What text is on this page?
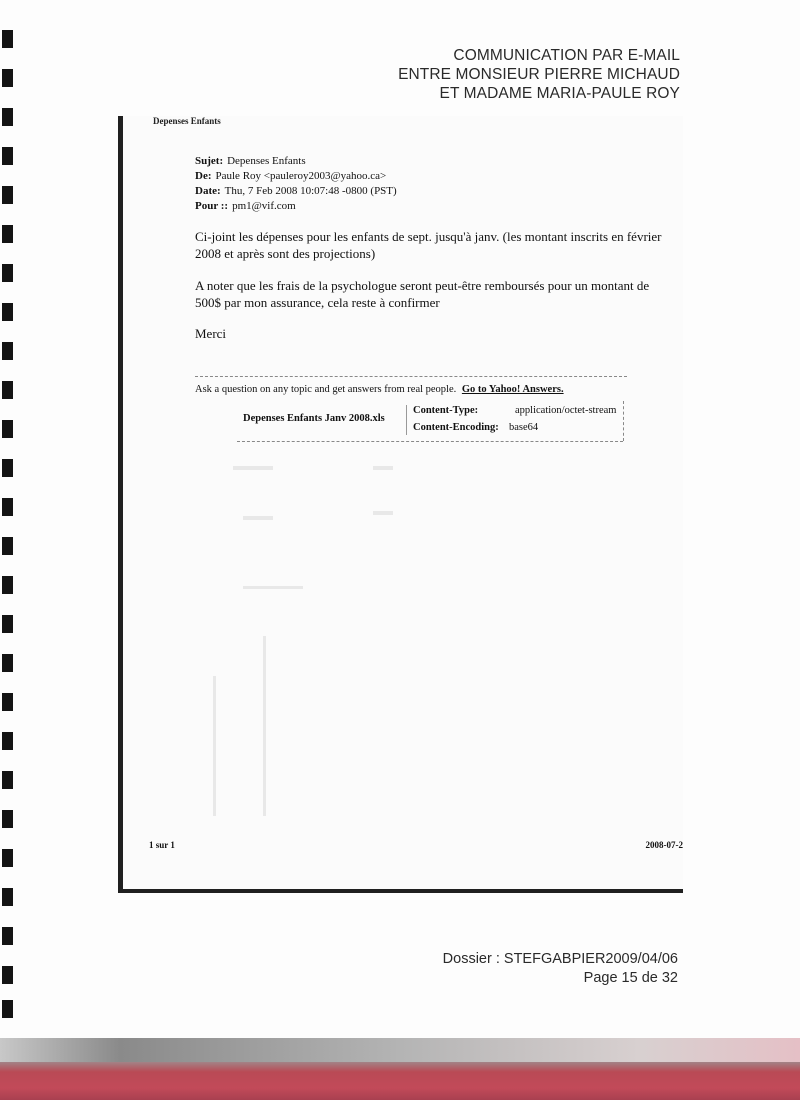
COMMUNICATION PAR E-MAIL
ENTRE MONSIEUR PIERRE MICHAUD
ET MADAME MARIA-PAULE ROY
Depenses Enfants
Sujet: Depenses Enfants
De: Paule Roy <pauleroy2003@yahoo.ca>
Date: Thu, 7 Feb 2008 10:07:48 -0800 (PST)
Pour :: pm1@vif.com
Ci-joint les dépenses pour les enfants de sept. jusqu'à janv. (les montant inscrits en février 2008 et après sont des projections)
A noter que les frais de la psychologue seront peut-être remboursés pour un montant de 500$ par mon assurance, cela reste à confirmer
Merci
Ask a question on any topic and get answers from real people. Go to Yahoo! Answers.
Depenses Enfants Janv 2008.xls
Content-Type:	application/octet-stream
Content-Encoding: base64
1 sur 1	2008-07-2
Dossier : STEFGABPIER2009/04/06
Page 15 de 32
